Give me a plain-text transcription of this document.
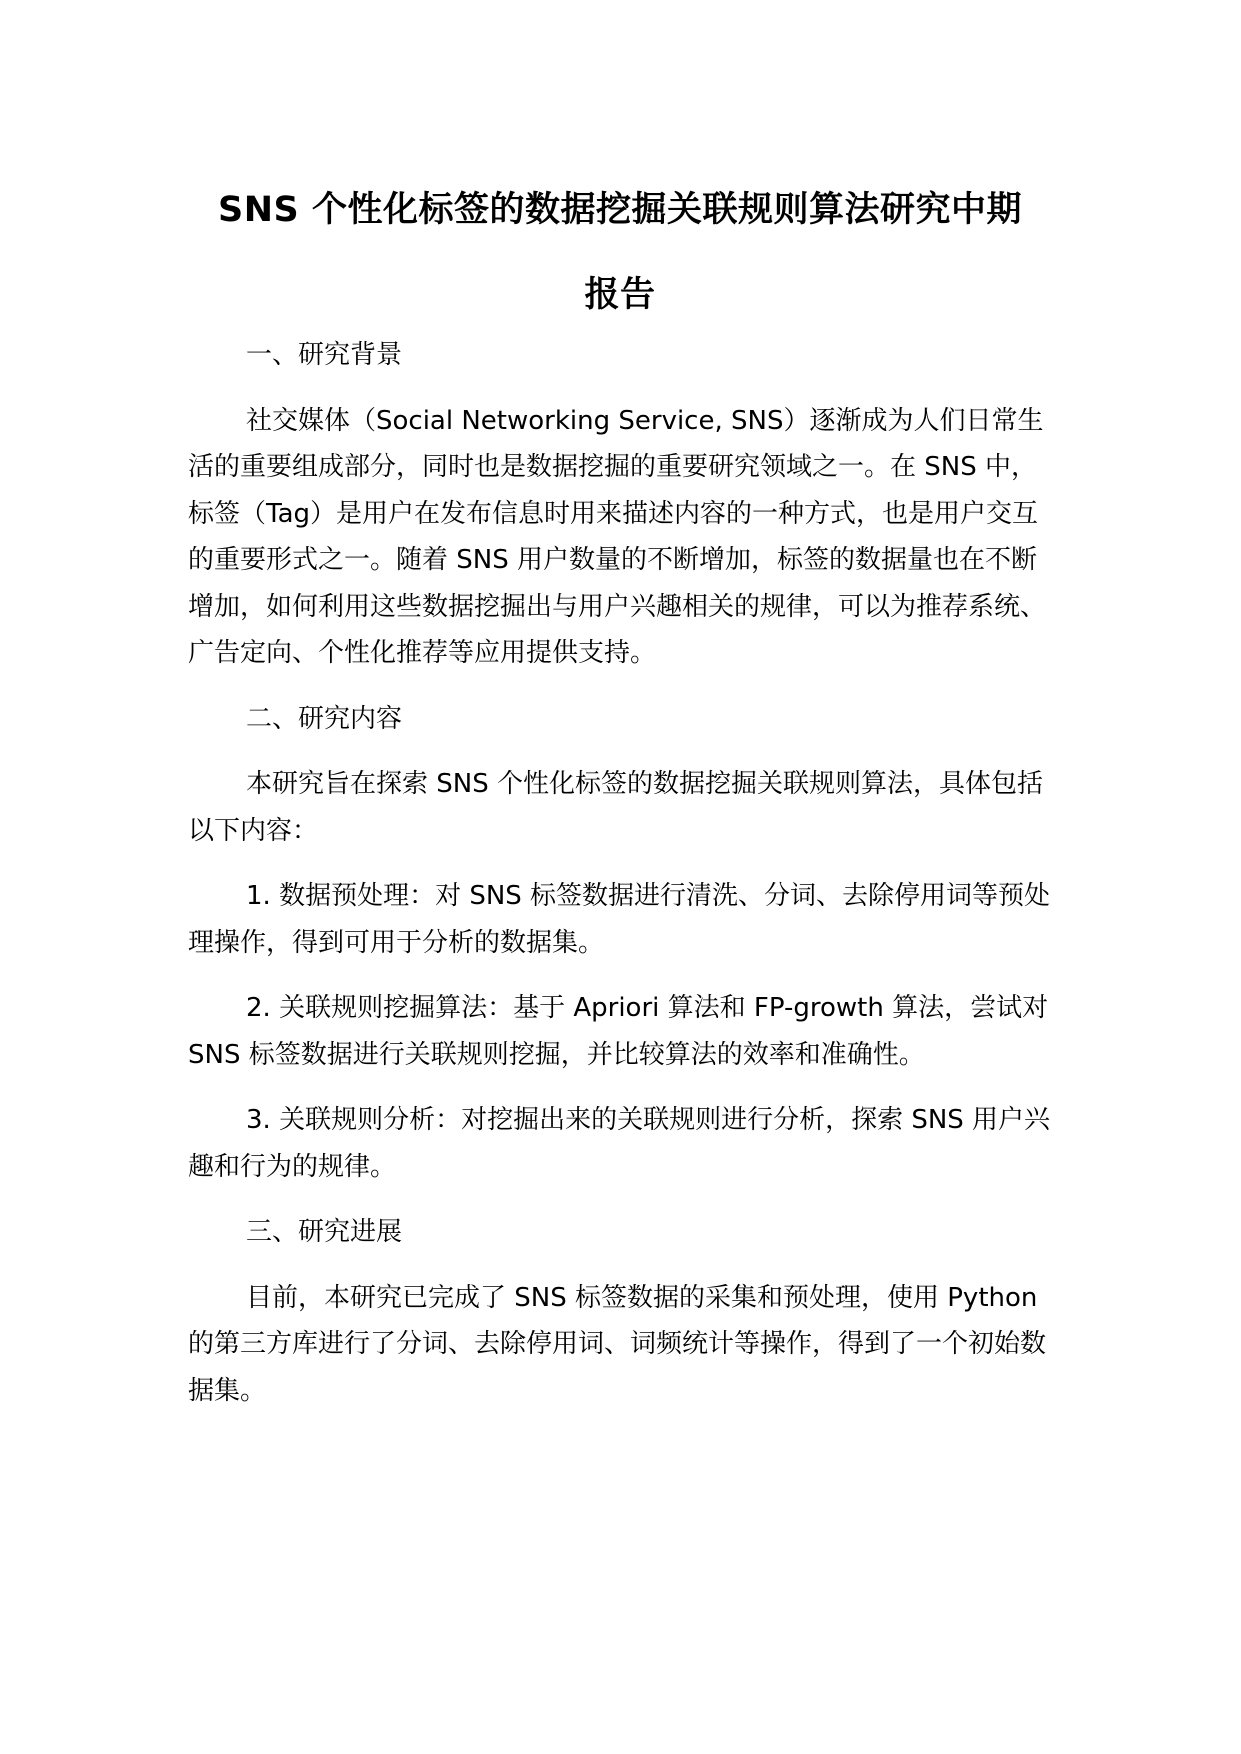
SNS 个性化标签的数据挖掘关联规则算法研究中期
报告

一、研究背景

社交媒体（Social Networking Service, SNS）逐渐成为人们日常生活的重要组成部分，同时也是数据挖掘的重要研究领域之一。在 SNS 中，标签（Tag）是用户在发布信息时用来描述内容的一种方式，也是用户交互的重要形式之一。随着 SNS 用户数量的不断增加，标签的数据量也在不断增加，如何利用这些数据挖掘出与用户兴趣相关的规律，可以为推荐系统、广告定向、个性化推荐等应用提供支持。

二、研究内容

本研究旨在探索 SNS 个性化标签的数据挖掘关联规则算法，具体包括以下内容：

1. 数据预处理：对 SNS 标签数据进行清洗、分词、去除停用词等预处理操作，得到可用于分析的数据集。

2. 关联规则挖掘算法：基于 Apriori 算法和 FP-growth 算法，尝试对 SNS 标签数据进行关联规则挖掘，并比较算法的效率和准确性。

3. 关联规则分析：对挖掘出来的关联规则进行分析，探索 SNS 用户兴趣和行为的规律。

三、研究进展

目前，本研究已完成了 SNS 标签数据的采集和预处理，使用 Python 的第三方库进行了分词、去除停用词、词频统计等操作，得到了一个初始数据集。
